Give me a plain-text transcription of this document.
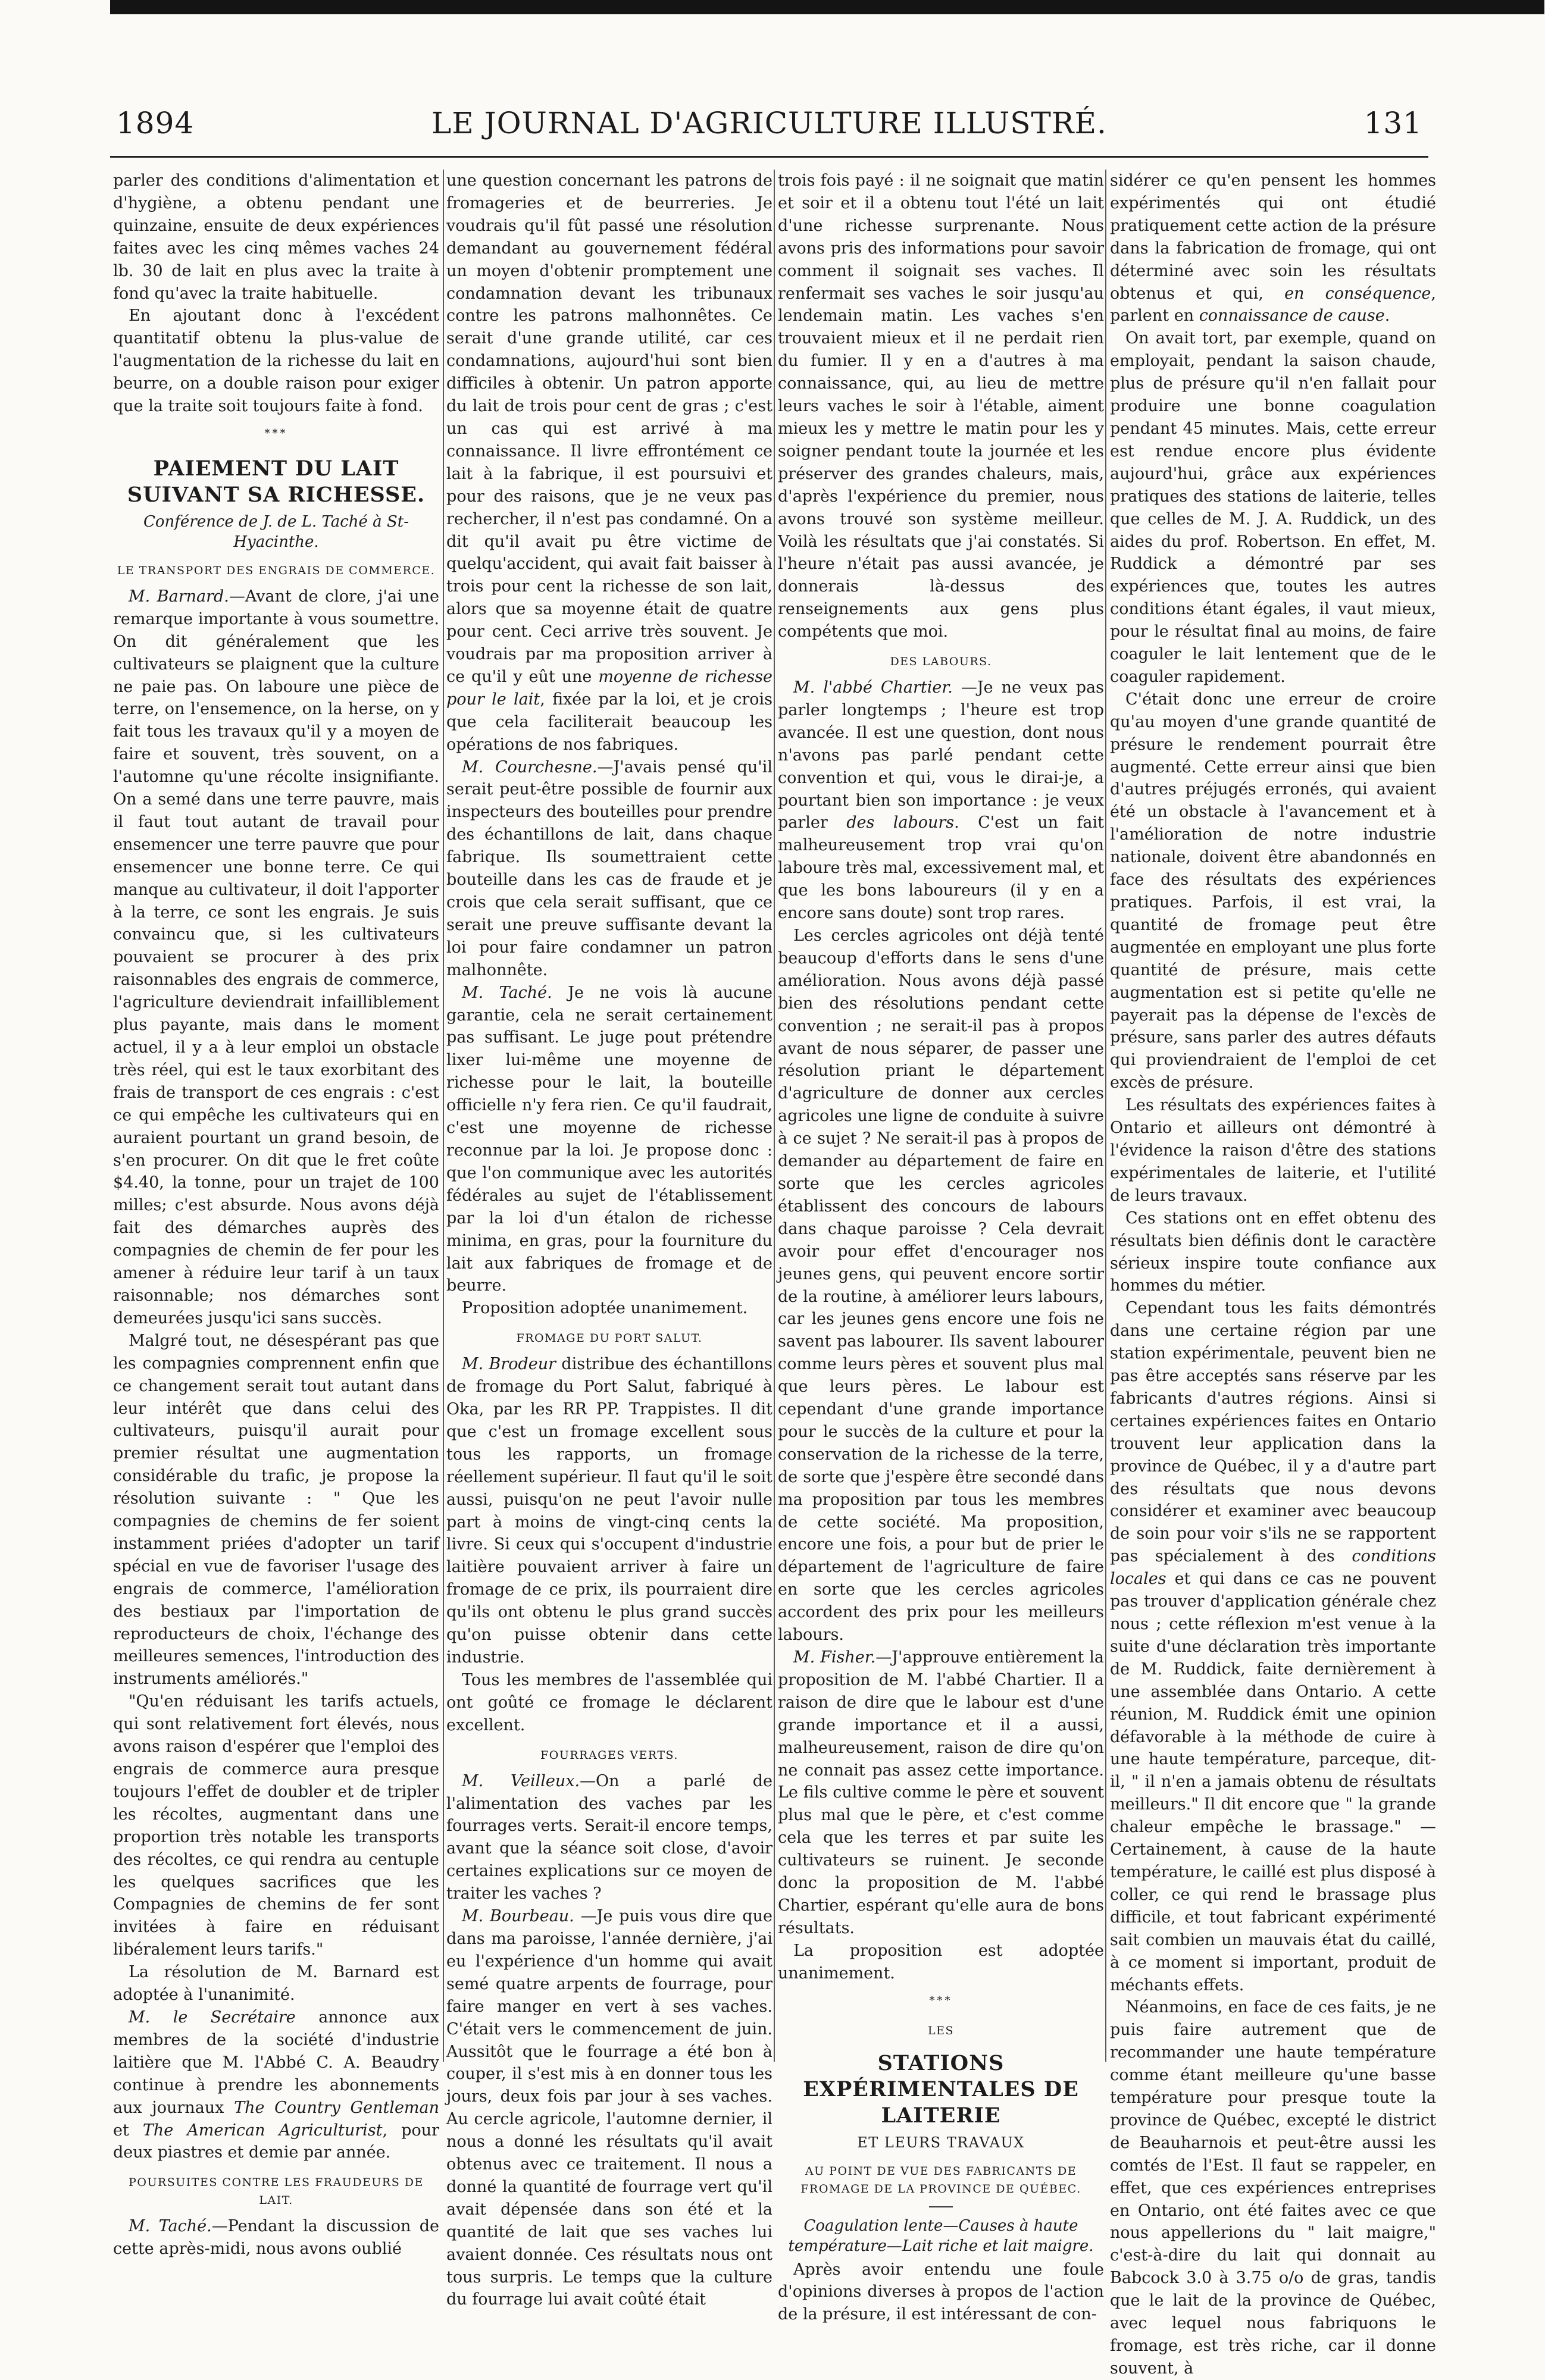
LE JOURNAL D'AGRICULTURE ILLUSTRÉ.
1894	131

parler des conditions d'alimentation et d'hygiène, a obtenu pendant une quinzaine, ensuite de deux expériences faites avec les cinq mêmes vaches 24 lb. 30 de lait en plus avec la traite à fond qu'avec la traite habituelle.

En ajoutant donc à l'excédent quantitatif obtenu la plus-value de l'augmentation de la richesse du lait en beurre, on a double raison pour exiger que la traite soit toujours faite à fond.

***
PAIEMENT DU LAIT SUIVANT SA RICHESSE.
Conférence de J. de L. Taché à St-Hyacinthe.
LE TRANSPORT DES ENGRAIS DE COMMERCE.

M. Barnard.—Avant de clore, j'ai une remarque importante à vous soumettre. On dit généralement que les cultivateurs se plaignent que la culture ne paie pas. On laboure une pièce de terre, on l'ensemence, on la herse, on y fait tous les travaux qu'il y a moyen de faire et souvent, très souvent, on a l'automne qu'une récolte insignifiante. On a semé dans une terre pauvre, mais il faut tout autant de travail pour ensemencer une terre pauvre que pour ensemencer une bonne terre. Ce qui manque au cultivateur, il doit l'apporter à la terre, ce sont les engrais. Je suis convaincu que, si les cultivateurs pouvaient se procurer à des prix raisonnables des engrais de commerce, l'agriculture deviendrait infailliblement plus payante, mais dans le moment actuel, il y a à leur emploi un obstacle très réel, qui est le taux exorbitant des frais de transport de ces engrais : c'est ce qui empêche les cultivateurs qui en auraient pourtant un grand besoin, de s'en procurer. On dit que le fret coûte $4.40, la tonne, pour un trajet de 100 milles; c'est absurde. Nous avons déjà fait des démarches auprès des compagnies de chemin de fer pour les amener à réduire leur tarif à un taux raisonnable; nos démarches sont demeurées jusqu'ici sans succès.

Malgré tout, ne désespérant pas que les compagnies comprennent enfin que ce changement serait tout autant dans leur intérêt que dans celui des cultivateurs, puisqu'il aurait pour premier résultat une augmentation considérable du trafic, je propose la résolution suivante : " Que les compagnies de chemins de fer soient instamment priées d'adopter un tarif spécial en vue de favoriser l'usage des engrais de commerce, l'amélioration des bestiaux par l'importation de reproducteurs de choix, l'échange des meilleures semences, l'introduction des instruments améliorés."

"Qu'en réduisant les tarifs actuels, qui sont relativement fort élevés, nous avons raison d'espérer que l'emploi des engrais de commerce aura presque toujours l'effet de doubler et de tripler les récoltes, augmentant dans une proportion très notable les transports des récoltes, ce qui rendra au centuple les quelques sacrifices que les Compagnies de chemins de fer sont invitées à faire en réduisant libéralement leurs tarifs."

La résolution de M. Barnard est adoptée à l'unanimité.

M. le Secrétaire annonce aux membres de la société d'industrie laitière que M. l'Abbé C. A. Beaudry continue à prendre les abonnements aux journaux The Country Gentleman et The American Agriculturist, pour deux piastres et demie par année.

POURSUITES CONTRE LES FRAUDEURS DE LAIT.

M. Taché.—Pendant la discussion de cette après-midi, nous avons oublié

une question concernant les patrons de fromageries et de beurreries. Je voudrais qu'il fût passé une résolution demandant au gouvernement fédéral un moyen d'obtenir promptement une condamnation devant les tribunaux contre les patrons malhonnêtes. Ce serait d'une grande utilité, car ces condamnations, aujourd'hui sont bien difficiles à obtenir. Un patron apporte du lait de trois pour cent de gras ; c'est un cas qui est arrivé à ma connaissance. Il livre effrontément ce lait à la fabrique, il est poursuivi et pour des raisons, que je ne veux pas rechercher, il n'est pas condamné. On a dit qu'il avait pu être victime de quelqu'accident, qui avait fait baisser à trois pour cent la richesse de son lait, alors que sa moyenne était de quatre pour cent. Ceci arrive très souvent. Je voudrais par ma proposition arriver à ce qu'il y eût une moyenne de richesse pour le lait, fixée par la loi, et je crois que cela faciliterait beaucoup les opérations de nos fabriques.

M. Courchesne.—J'avais pensé qu'il serait peut-être possible de fournir aux inspecteurs des bouteilles pour prendre des échantillons de lait, dans chaque fabrique. Ils soumettraient cette bouteille dans les cas de fraude et je crois que cela serait suffisant, que ce serait une preuve suffisante devant la loi pour faire condamner un patron malhonnête.

M. Taché. Je ne vois là aucune garantie, cela ne serait certainement pas suffisant. Le juge pout prétendre lixer lui-même une moyenne de richesse pour le lait, la bouteille officielle n'y fera rien. Ce qu'il faudrait, c'est une moyenne de richesse reconnue par la loi. Je propose donc : que l'on communique avec les autorités fédérales au sujet de l'établissement par la loi d'un étalon de richesse minima, en gras, pour la fourniture du lait aux fabriques de fromage et de beurre.

Proposition adoptée unanimement.

FROMAGE DU PORT SALUT.

M. Brodeur distribue des échantillons de fromage du Port Salut, fabriqué à Oka, par les RR PP. Trappistes. Il dit que c'est un fromage excellent sous tous les rapports, un fromage réellement supérieur. Il faut qu'il le soit aussi, puisqu'on ne peut l'avoir nulle part à moins de vingt-cinq cents la livre. Si ceux qui s'occupent d'industrie laitière pouvaient arriver à faire un fromage de ce prix, ils pourraient dire qu'ils ont obtenu le plus grand succès qu'on puisse obtenir dans cette industrie.

Tous les membres de l'assemblée qui ont goûté ce fromage le déclarent excellent.

FOURRAGES VERTS.

M. Veilleux.—On a parlé de l'alimentation des vaches par les fourrages verts. Serait-il encore temps, avant que la séance soit close, d'avoir certaines explications sur ce moyen de traiter les vaches ?

M. Bourbeau. —Je puis vous dire que dans ma paroisse, l'année dernière, j'ai eu l'expérience d'un homme qui avait semé quatre arpents de fourrage, pour faire manger en vert à ses vaches. C'était vers le commencement de juin. Aussitôt que le fourrage a été bon à couper, il s'est mis à en donner tous les jours, deux fois par jour à ses vaches. Au cercle agricole, l'automne dernier, il nous a donné les résultats qu'il avait obtenus avec ce traitement. Il nous a donné la quantité de fourrage vert qu'il avait dépensée dans son été et la quantité de lait que ses vaches lui avaient donnée. Ces résultats nous ont tous surpris. Le temps que la culture du fourrage lui avait coûté était

trois fois payé : il ne soignait que matin et soir et il a obtenu tout l'été un lait d'une richesse surprenante. Nous avons pris des informations pour savoir comment il soignait ses vaches. Il renfermait ses vaches le soir jusqu'au lendemain matin. Les vaches s'en trouvaient mieux et il ne perdait rien du fumier. Il y en a d'autres à ma connaissance, qui, au lieu de mettre leurs vaches le soir à l'étable, aiment mieux les y mettre le matin pour les y soigner pendant toute la journée et les préserver des grandes chaleurs, mais, d'après l'expérience du premier, nous avons trouvé son système meilleur. Voilà les résultats que j'ai constatés. Si l'heure n'était pas aussi avancée, je donnerais là-dessus des renseignements aux gens plus compétents que moi.

DES LABOURS.

M. l'abbé Chartier. —Je ne veux pas parler longtemps ; l'heure est trop avancée. Il est une question, dont nous n'avons pas parlé pendant cette convention et qui, vous le dirai-je, a pourtant bien son importance : je veux parler des labours. C'est un fait malheureusement trop vrai qu'on laboure très mal, excessivement mal, et que les bons laboureurs (il y en a encore sans doute) sont trop rares.

Les cercles agricoles ont déjà tenté beaucoup d'efforts dans le sens d'une amélioration. Nous avons déjà passé bien des résolutions pendant cette convention ; ne serait-il pas à propos avant de nous séparer, de passer une résolution priant le département d'agriculture de donner aux cercles agricoles une ligne de conduite à suivre à ce sujet ? Ne serait-il pas à propos de demander au département de faire en sorte que les cercles agricoles établissent des concours de labours dans chaque paroisse ? Cela devrait avoir pour effet d'encourager nos jeunes gens, qui peuvent encore sortir de la routine, à améliorer leurs labours, car les jeunes gens encore une fois ne savent pas labourer. Ils savent labourer comme leurs pères et souvent plus mal que leurs pères. Le labour est cependant d'une grande importance pour le succès de la culture et pour la conservation de la richesse de la terre, de sorte que j'espère être secondé dans ma proposition par tous les membres de cette société. Ma proposition, encore une fois, a pour but de prier le département de l'agriculture de faire en sorte que les cercles agricoles accordent des prix pour les meilleurs labours.

M. Fisher.—J'approuve entièrement la proposition de M. l'abbé Chartier. Il a raison de dire que le labour est d'une grande importance et il a aussi, malheureusement, raison de dire qu'on ne connait pas assez cette importance. Le fils cultive comme le père et souvent plus mal que le père, et c'est comme cela que les terres et par suite les cultivateurs se ruinent. Je seconde donc la proposition de M. l'abbé Chartier, espérant qu'elle aura de bons résultats.

La proposition est adoptée unanimement.

***
LES
STATIONS EXPÉRIMENTALES DE LAITERIE
ET LEURS TRAVAUX
AU POINT DE VUE DES FABRICANTS DE FROMAGE DE LA PROVINCE DE QUÉBEC.
Coagulation lente—Causes à haute température—Lait riche et lait maigre.

Après avoir entendu une foule d'opinions diverses à propos de l'action de la présure, il est intéressant de con-

sidérer ce qu'en pensent les hommes expérimentés qui ont étudié pratiquement cette action de la présure dans la fabrication de fromage, qui ont déterminé avec soin les résultats obtenus et qui, en conséquence, parlent en connaissance de cause.

On avait tort, par exemple, quand on employait, pendant la saison chaude, plus de présure qu'il n'en fallait pour produire une bonne coagulation pendant 45 minutes. Mais, cette erreur est rendue encore plus évidente aujourd'hui, grâce aux expériences pratiques des stations de laiterie, telles que celles de M. J. A. Ruddick, un des aides du prof. Robertson. En effet, M. Ruddick a démontré par ses expériences que, toutes les autres conditions étant égales, il vaut mieux, pour le résultat final au moins, de faire coaguler le lait lentement que de le coaguler rapidement.

C'était donc une erreur de croire qu'au moyen d'une grande quantité de présure le rendement pourrait être augmenté. Cette erreur ainsi que bien d'autres préjugés erronés, qui avaient été un obstacle à l'avancement et à l'amélioration de notre industrie nationale, doivent être abandonnés en face des résultats des expériences pratiques. Parfois, il est vrai, la quantité de fromage peut être augmentée en employant une plus forte quantité de présure, mais cette augmentation est si petite qu'elle ne payerait pas la dépense de l'excès de présure, sans parler des autres défauts qui proviendraient de l'emploi de cet excès de présure.

Les résultats des expériences faites à Ontario et ailleurs ont démontré à l'évidence la raison d'être des stations expérimentales de laiterie, et l'utilité de leurs travaux.

Ces stations ont en effet obtenu des résultats bien définis dont le caractère sérieux inspire toute confiance aux hommes du métier.

Cependant tous les faits démontrés dans une certaine région par une station expérimentale, peuvent bien ne pas être acceptés sans réserve par les fabricants d'autres régions. Ainsi si certaines expériences faites en Ontario trouvent leur application dans la province de Québec, il y a d'autre part des résultats que nous devons considérer et examiner avec beaucoup de soin pour voir s'ils ne se rapportent pas spécialement à des conditions locales et qui dans ce cas ne pouvent pas trouver d'application générale chez nous ; cette réflexion m'est venue à la suite d'une déclaration très importante de M. Ruddick, faite dernièrement à une assemblée dans Ontario. A cette réunion, M. Ruddick émit une opinion défavorable à la méthode de cuire à une haute température, parceque, dit-il, " il n'en a jamais obtenu de résultats meilleurs." Il dit encore que " la grande chaleur empêche le brassage." —Certainement, à cause de la haute température, le caillé est plus disposé à coller, ce qui rend le brassage plus difficile, et tout fabricant expérimenté sait combien un mauvais état du caillé, à ce moment si important, produit de méchants effets.

Néanmoins, en face de ces faits, je ne puis faire autrement que de recommander une haute température comme étant meilleure qu'une basse température pour presque toute la province de Québec, excepté le district de Beauharnois et peut-être aussi les comtés de l'Est. Il faut se rappeler, en effet, que ces expériences entreprises en Ontario, ont été faites avec ce que nous appellerions du " lait maigre," c'est-à-dire du lait qui donnait au Babcock 3.0 à 3.75 o/o de gras, tandis que le lait de la province de Québec, avec lequel nous fabriquons le fromage, est très riche, car il donne souvent, à
